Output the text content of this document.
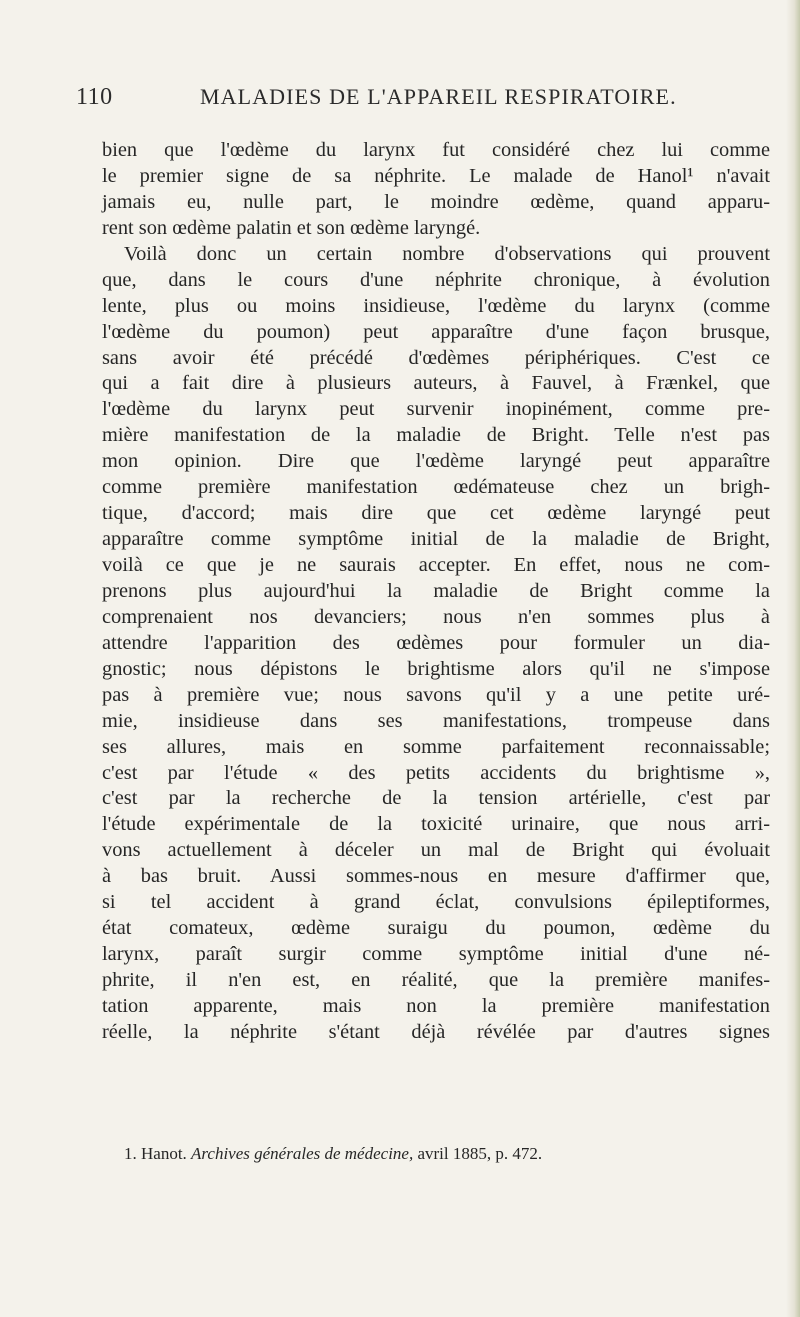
110	MALADIES DE L'APPAREIL RESPIRATOIRE.
bien que l'œdème du larynx fut considéré chez lui comme
le premier signe de sa néphrite. Le malade de Hanol¹ n'avait
jamais eu, nulle part, le moindre œdème, quand apparu-
rent son œdème palatin et son œdème laryngé.
Voilà donc un certain nombre d'observations qui prouvent
que, dans le cours d'une néphrite chronique, à évolution
lente, plus ou moins insidieuse, l'œdème du larynx (comme
l'œdème du poumon) peut apparaître d'une façon brusque,
sans avoir été précédé d'œdèmes périphériques. C'est ce
qui a fait dire à plusieurs auteurs, à Fauvel, à Frænkel, que
l'œdème du larynx peut survenir inopinément, comme pre-
mière manifestation de la maladie de Bright. Telle n'est pas
mon opinion. Dire que l'œdème laryngé peut apparaître
comme première manifestation œdémateuse chez un brigh-
tique, d'accord; mais dire que cet œdème laryngé peut
apparaître comme symptôme initial de la maladie de Bright,
voilà ce que je ne saurais accepter. En effet, nous ne com-
prenons plus aujourd'hui la maladie de Bright comme la
comprenaient nos devanciers; nous n'en sommes plus à
attendre l'apparition des œdèmes pour formuler un dia-
gnostic; nous dépistons le brightisme alors qu'il ne s'impose
pas à première vue; nous savons qu'il y a une petite uré-
mie, insidieuse dans ses manifestations, trompeuse dans
ses allures, mais en somme parfaitement reconnaissable;
c'est par l'étude « des petits accidents du brightisme »,
c'est par la recherche de la tension artérielle, c'est par
l'étude expérimentale de la toxicité urinaire, que nous arri-
vons actuellement à déceler un mal de Bright qui évoluait
à bas bruit. Aussi sommes-nous en mesure d'affirmer que,
si tel accident à grand éclat, convulsions épileptiformes,
état comateux, œdème suraigu du poumon, œdème du
larynx, paraît surgir comme symptôme initial d'une né-
phrite, il n'en est, en réalité, que la première manifes-
tation apparente, mais non la première manifestation
réelle, la néphrite s'étant déjà révélée par d'autres signes
1. Hanot. Archives générales de médecine, avril 1885, p. 472.
